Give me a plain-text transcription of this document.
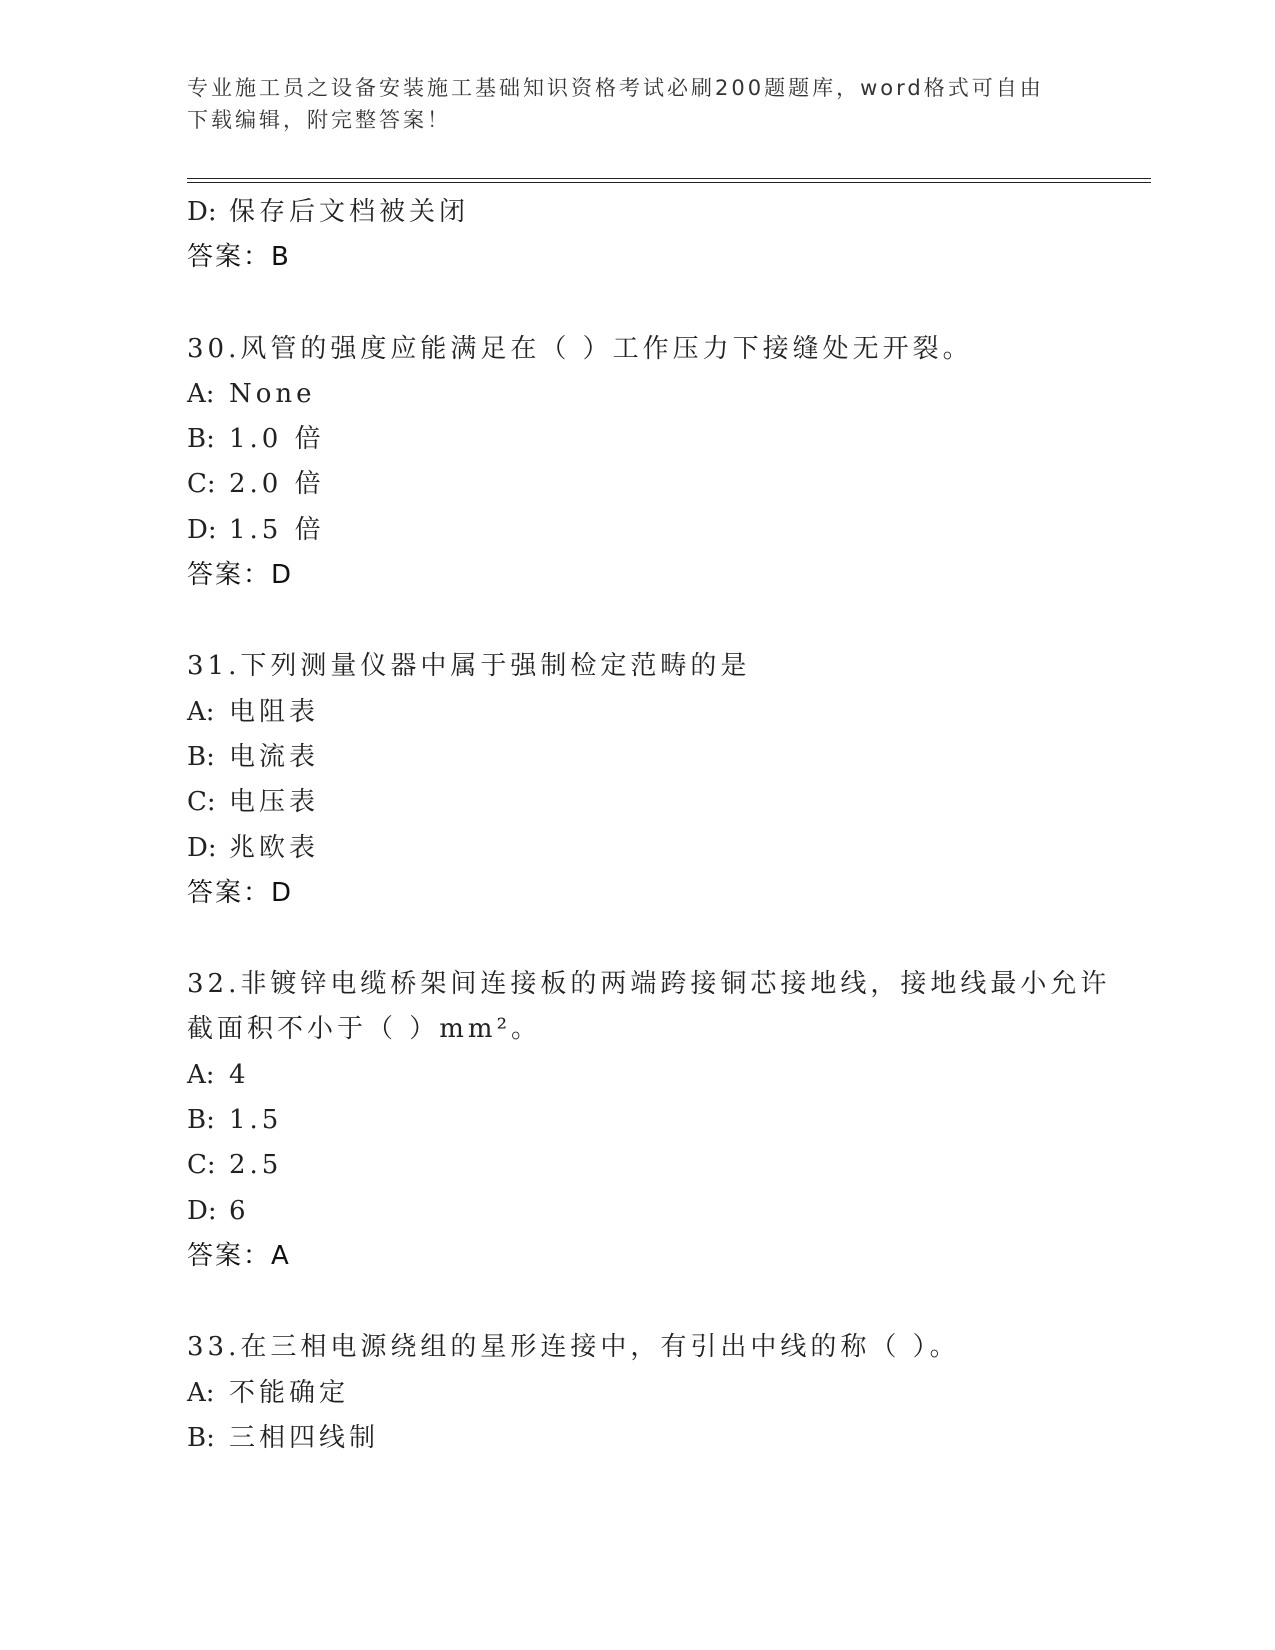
专业施工员之设备安装施工基础知识资格考试必刷200题题库，word格式可自由
下载编辑，附完整答案！
D: 保存后文档被关闭
答案：B
30.风管的强度应能满足在（ ）工作压力下接缝处无开裂。
A: None
B: 1.0 倍
C: 2.0 倍
D: 1.5 倍
答案：D
31.下列测量仪器中属于强制检定范畴的是
A: 电阻表
B: 电流表
C: 电压表
D: 兆欧表
答案：D
32.非镀锌电缆桥架间连接板的两端跨接铜芯接地线，接地线最小允许
截面积不小于（ ）mm²。
A: 4
B: 1.5
C: 2.5
D: 6
答案：A
33.在三相电源绕组的星形连接中，有引出中线的称（ ）。
A: 不能确定
B: 三相四线制
